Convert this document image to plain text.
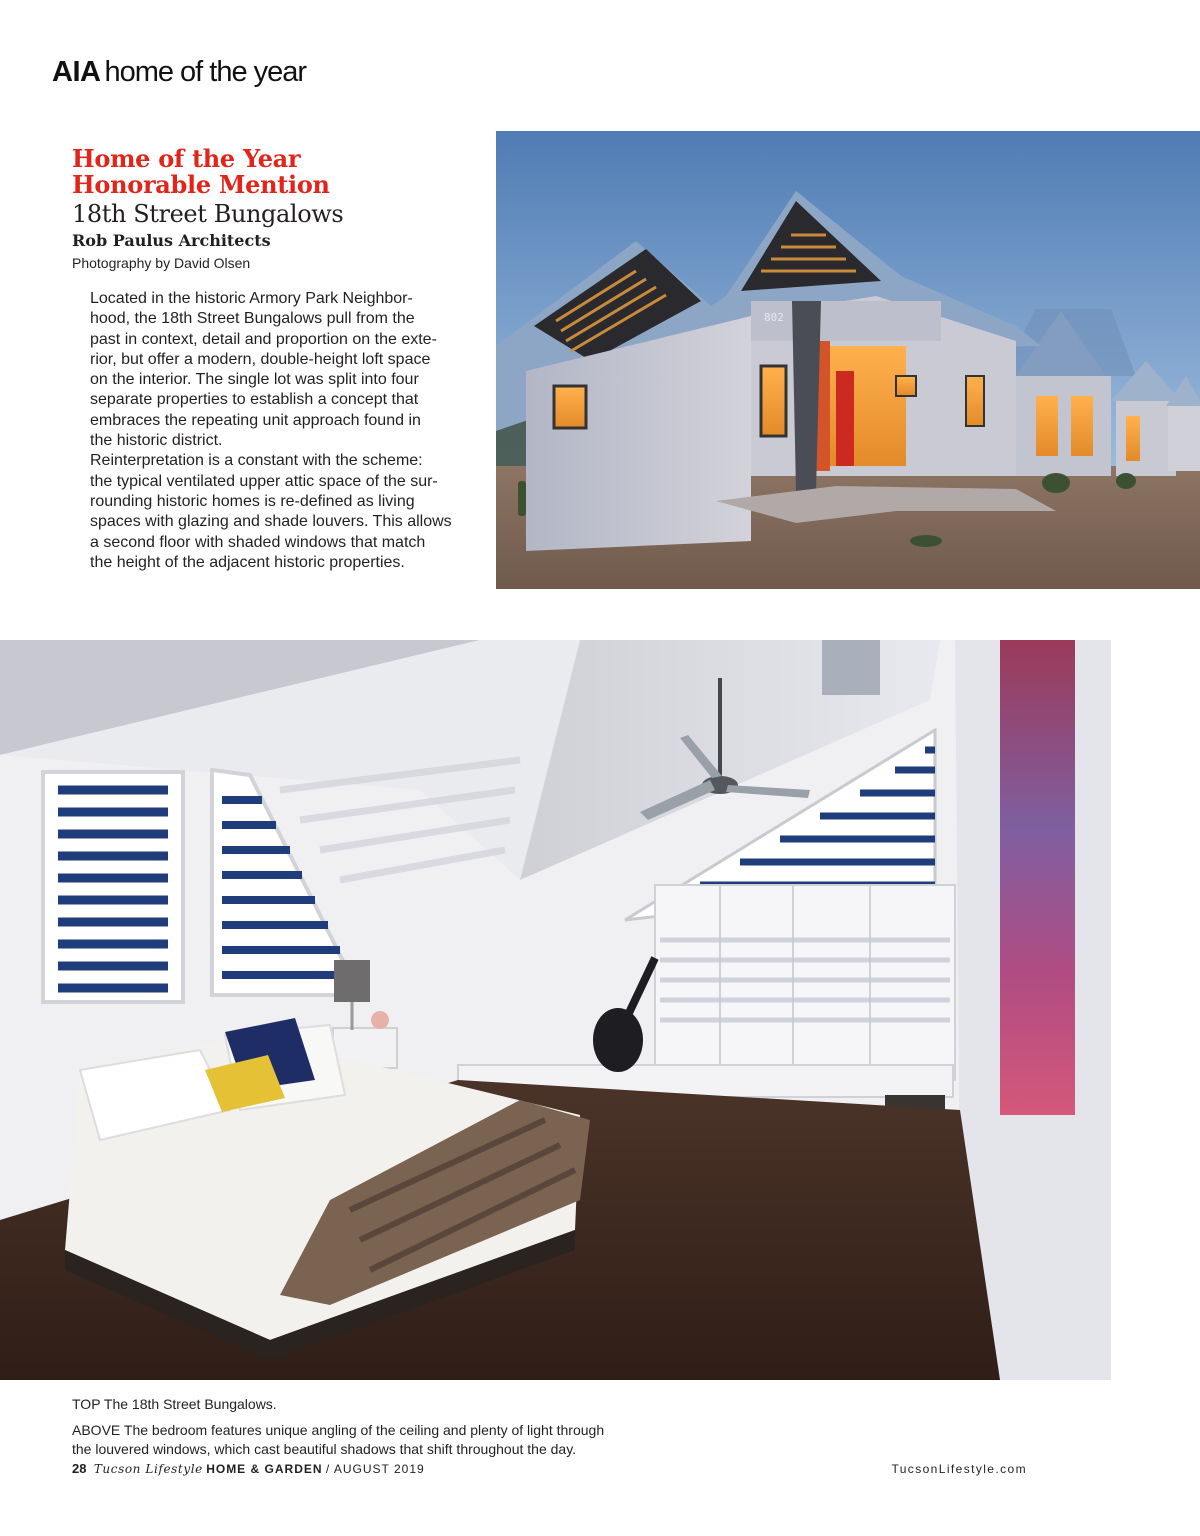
AIA home of the year
Home of the Year
Honorable Mention
18th Street Bungalows
Rob Paulus Architects
Photography by David Olsen

Located in the historic Armory Park Neighbor-
hood, the 18th Street Bungalows pull from the
past in context, detail and proportion on the exte-
rior, but offer a modern, double-height loft space
on the interior. The single lot was split into four
separate properties to establish a concept that
embraces the repeating unit approach found in
the historic district.

Reinterpretation is a constant with the scheme:
the typical ventilated upper attic space of the sur-
rounding historic homes is re-defined as living
spaces with glazing and shade louvers. This allows
a second floor with shaded windows that match
the height of the adjacent historic properties.

802

TOP The 18th Street Bungalows.

ABOVE The bedroom features unique angling of the ceiling and plenty of light through
the louvered windows, which cast beautiful shadows that shift throughout the day.

28 Tucson Lifestyle HOME & GARDEN / AUGUST 2019	TucsonLifestyle.com
